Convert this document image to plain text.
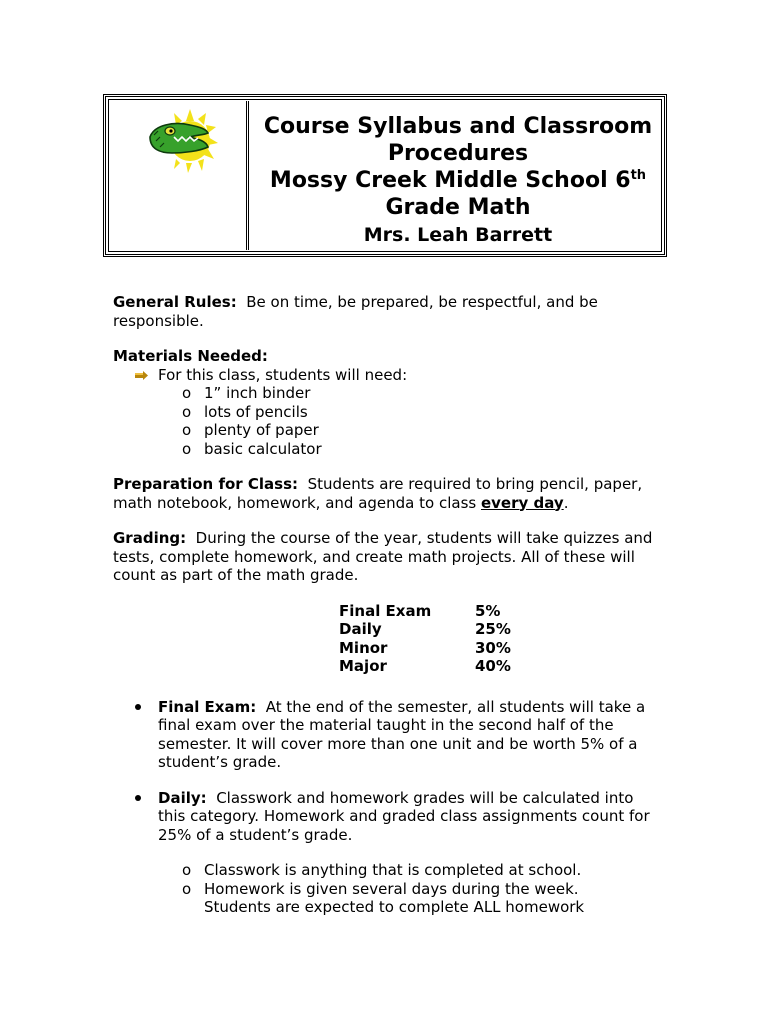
Course Syllabus and Classroom
Procedures
Mossy Creek Middle School 6th
Grade Math
Mrs. Leah Barrett

General Rules: Be on time, be prepared, be respectful, and be responsible.

Materials Needed:
For this class, students will need:
o 1” inch binder
o lots of pencils
o plenty of paper
o basic calculator

Preparation for Class: Students are required to bring pencil, paper, math notebook, homework, and agenda to class every day.

Grading: During the course of the year, students will take quizzes and tests, complete homework, and create math projects. All of these will count as part of the math grade.

Final Exam	5%
Daily	25%
Minor	30%
Major	40%
Final Exam: At the end of the semester, all students will take a final exam over the material taught in the second half of the semester. It will cover more than one unit and be worth 5% of a student’s grade.
Daily: Classwork and homework grades will be calculated into this category. Homework and graded class assignments count for 25% of a student’s grade.
o Classwork is anything that is completed at school.
o Homework is given several days during the week. Students are expected to complete ALL homework
